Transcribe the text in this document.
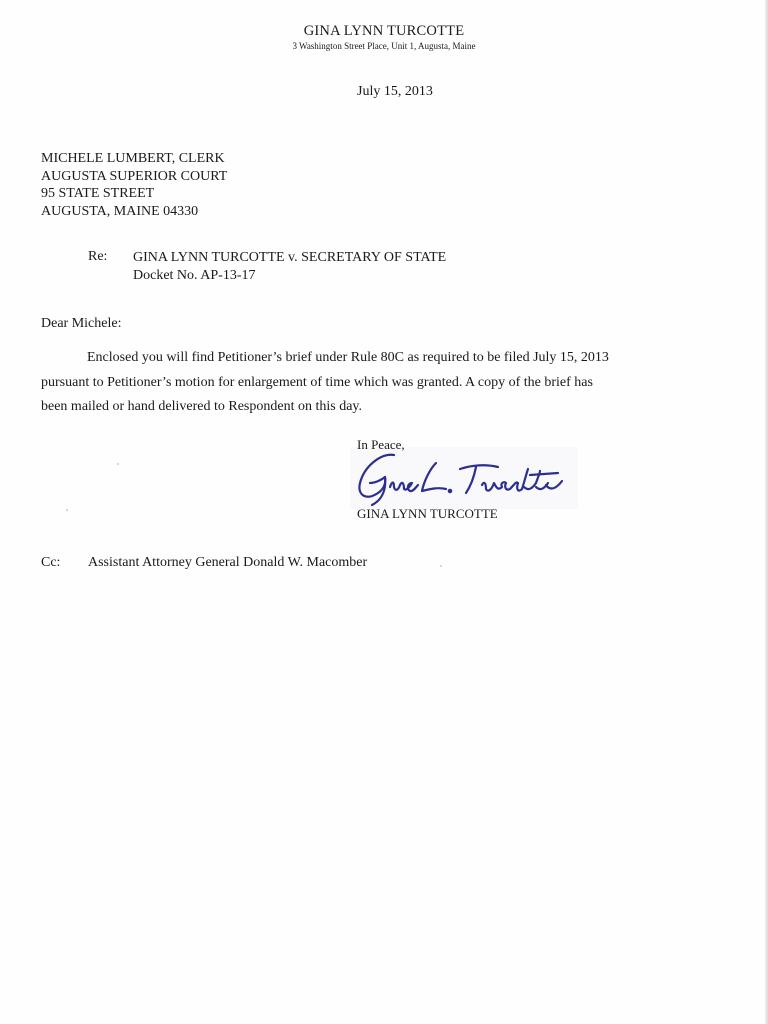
GINA LYNN TURCOTTE
3 Washington Street Place, Unit 1, Augusta, Maine
July 15, 2013
MICHELE LUMBERT, CLERK
AUGUSTA SUPERIOR COURT
95 STATE STREET
AUGUSTA, MAINE 04330
Re: GINA LYNN TURCOTTE v. SECRETARY OF STATE
Docket No. AP-13-17
Dear Michele:
Enclosed you will find Petitioner’s brief under Rule 80C as required to be filed July 15, 2013
pursuant to Petitioner’s motion for enlargement of time which was granted. A copy of the brief has
been mailed or hand delivered to Respondent on this day.
In Peace,
GINA LYNN TURCOTTE
Cc: Assistant Attorney General Donald W. Macomber
